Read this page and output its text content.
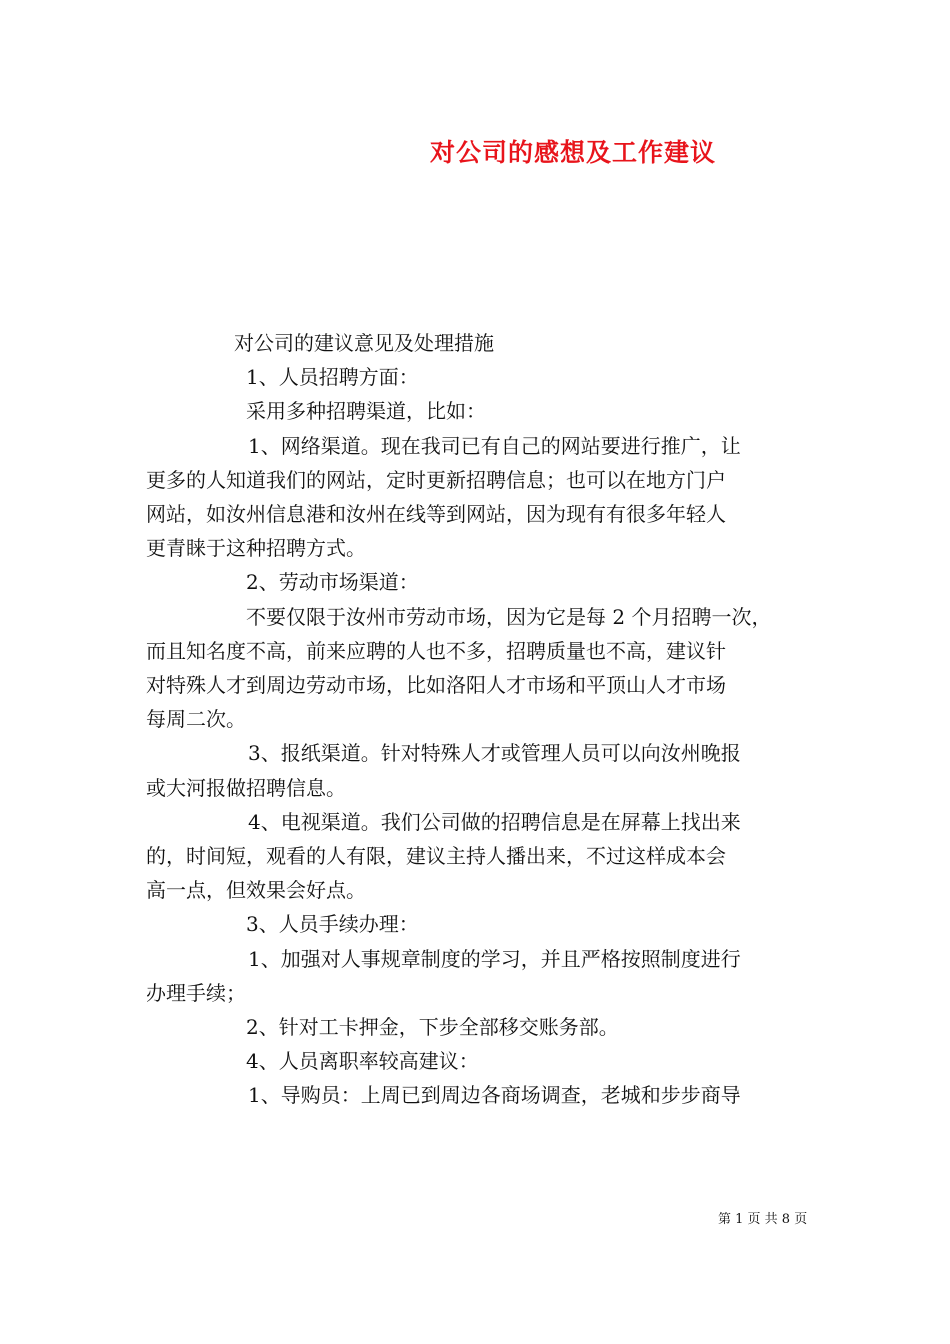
对公司的感想及工作建议

对公司的建议意见及处理措施

1、人员招聘方面：

采用多种招聘渠道，比如：

1、网络渠道。现在我司已有自己的网站要进行推广，让

更多的人知道我们的网站，定时更新招聘信息；也可以在地方门户

网站，如汝州信息港和汝州在线等到网站，因为现有有很多年轻人

更青睐于这种招聘方式。

2、劳动市场渠道：

不要仅限于汝州市劳动市场，因为它是每 2 个月招聘一次，

而且知名度不高，前来应聘的人也不多，招聘质量也不高，建议针

对特殊人才到周边劳动市场，比如洛阳人才市场和平顶山人才市场

每周二次。

3、报纸渠道。针对特殊人才或管理人员可以向汝州晚报

或大河报做招聘信息。

4、电视渠道。我们公司做的招聘信息是在屏幕上找出来

的，时间短，观看的人有限，建议主持人播出来，不过这样成本会

高一点，但效果会好点。

3、人员手续办理：

1、加强对人事规章制度的学习，并且严格按照制度进行

办理手续；

2、针对工卡押金，下步全部移交账务部。

4、人员离职率较高建议：

1、导购员：上周已到周边各商场调查，老城和步步商导

第 1 页 共 8 页
